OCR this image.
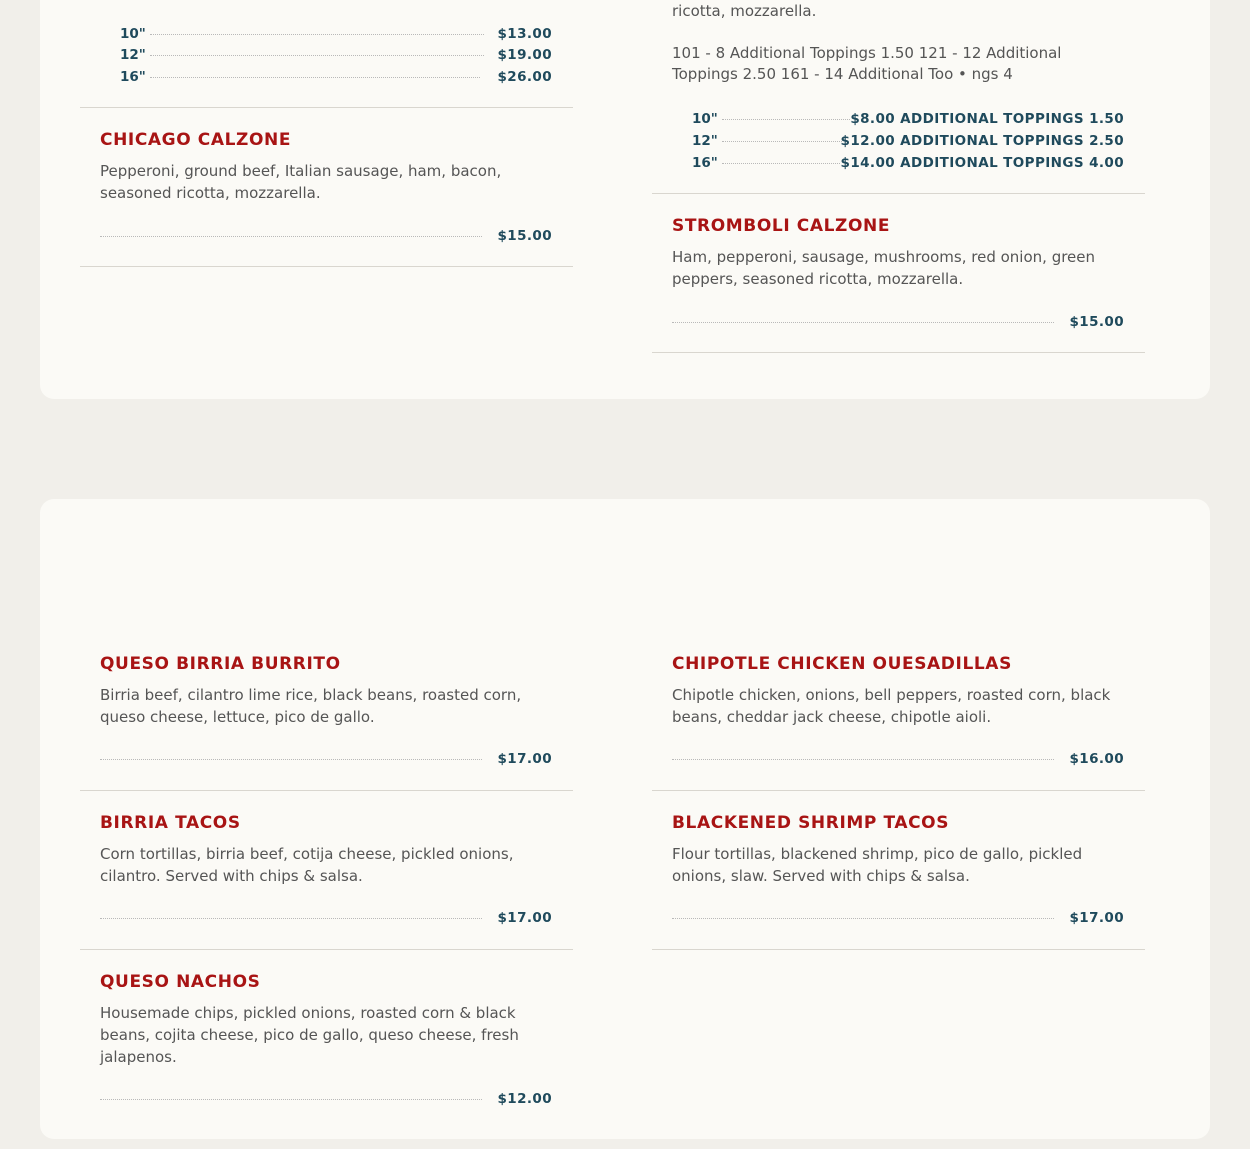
10"	$13.00
12"	$19.00
16"	$26.00
CHICAGO CALZONE
Pepperoni, ground beef, Italian sausage, ham, bacon, seasoned ricotta, mozzarella.
$15.00
ricotta, mozzarella.
101 - 8 Additional Toppings 1.50 121 - 12 Additional Toppings 2.50 161 - 14 Additional Too • ngs 4
10"	$8.00 ADDITIONAL TOPPINGS 1.50
12"	$12.00 ADDITIONAL TOPPINGS 2.50
16"	$14.00 ADDITIONAL TOPPINGS 4.00
STROMBOLI CALZONE
Ham, pepperoni, sausage, mushrooms, red onion, green peppers, seasoned ricotta, mozzarella.
$15.00
QUESO BIRRIA BURRITO
Birria beef, cilantro lime rice, black beans, roasted corn, queso cheese, lettuce, pico de gallo.
$17.00
BIRRIA TACOS
Corn tortillas, birria beef, cotija cheese, pickled onions, cilantro. Served with chips & salsa.
$17.00
QUESO NACHOS
Housemade chips, pickled onions, roasted corn & black beans, cojita cheese, pico de gallo, queso cheese, fresh jalapenos.
$12.00
CHIPOTLE CHICKEN OUESADILLAS
Chipotle chicken, onions, bell peppers, roasted corn, black beans, cheddar jack cheese, chipotle aioli.
$16.00
BLACKENED SHRIMP TACOS
Flour tortillas, blackened shrimp, pico de gallo, pickled onions, slaw. Served with chips & salsa.
$17.00
